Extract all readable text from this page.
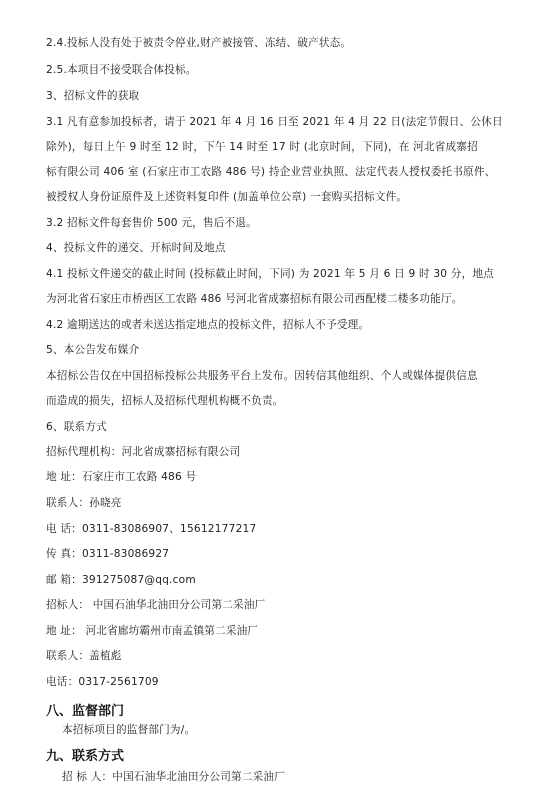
2.4.投标人没有处于被责令停业,财产被接管、冻结、破产状态。
2.5.本项目不接受联合体投标。
3、招标文件的获取
3.1 凡有意参加投标者，请于 2021 年 4 月 16 日至 2021 年 4 月 22 日(法定节假日、公休日
除外)，每日上午 9 时至 12 时，下午 14 时至 17 时 (北京时间，下同)，在 河北省成寨招
标有限公司 406 室 (石家庄市工农路 486 号) 持企业营业执照、法定代表人授权委托书原件、
被授权人身份证原件及上述资料复印件 (加盖单位公章) 一套购买招标文件。
3.2 招标文件每套售价 500 元，售后不退。
4、投标文件的递交、开标时间及地点
4.1 投标文件递交的截止时间 (投标截止时间，下同) 为 2021 年 5 月 6 日 9 时 30 分，地点
为河北省石家庄市桥西区工农路 486 号河北省成寨招标有限公司西配楼二楼多功能厅。
4.2 逾期送达的或者未送达指定地点的投标文件，招标人不予受理。
5、本公告发布媒介
本招标公告仅在中国招标投标公共服务平台上发布。因转信其他组织、个人或媒体提供信息
而造成的损失，招标人及招标代理机构概不负责。
6、联系方式
招标代理机构：河北省成寨招标有限公司
地 址：石家庄市工农路 486 号
联系人：孙晓亮
电 话：0311-83086907、15612177217
传 真：0311-83086927
邮 箱：391275087@qq.com
招标人： 中国石油华北油田分公司第二采油厂
地 址： 河北省廊坊霸州市南孟镇第二采油厂
联系人：盖植彪
电话：0317-2561709
八、监督部门
本招标项目的监督部门为/。
九、联系方式
招 标 人：中国石油华北油田分公司第二采油厂
